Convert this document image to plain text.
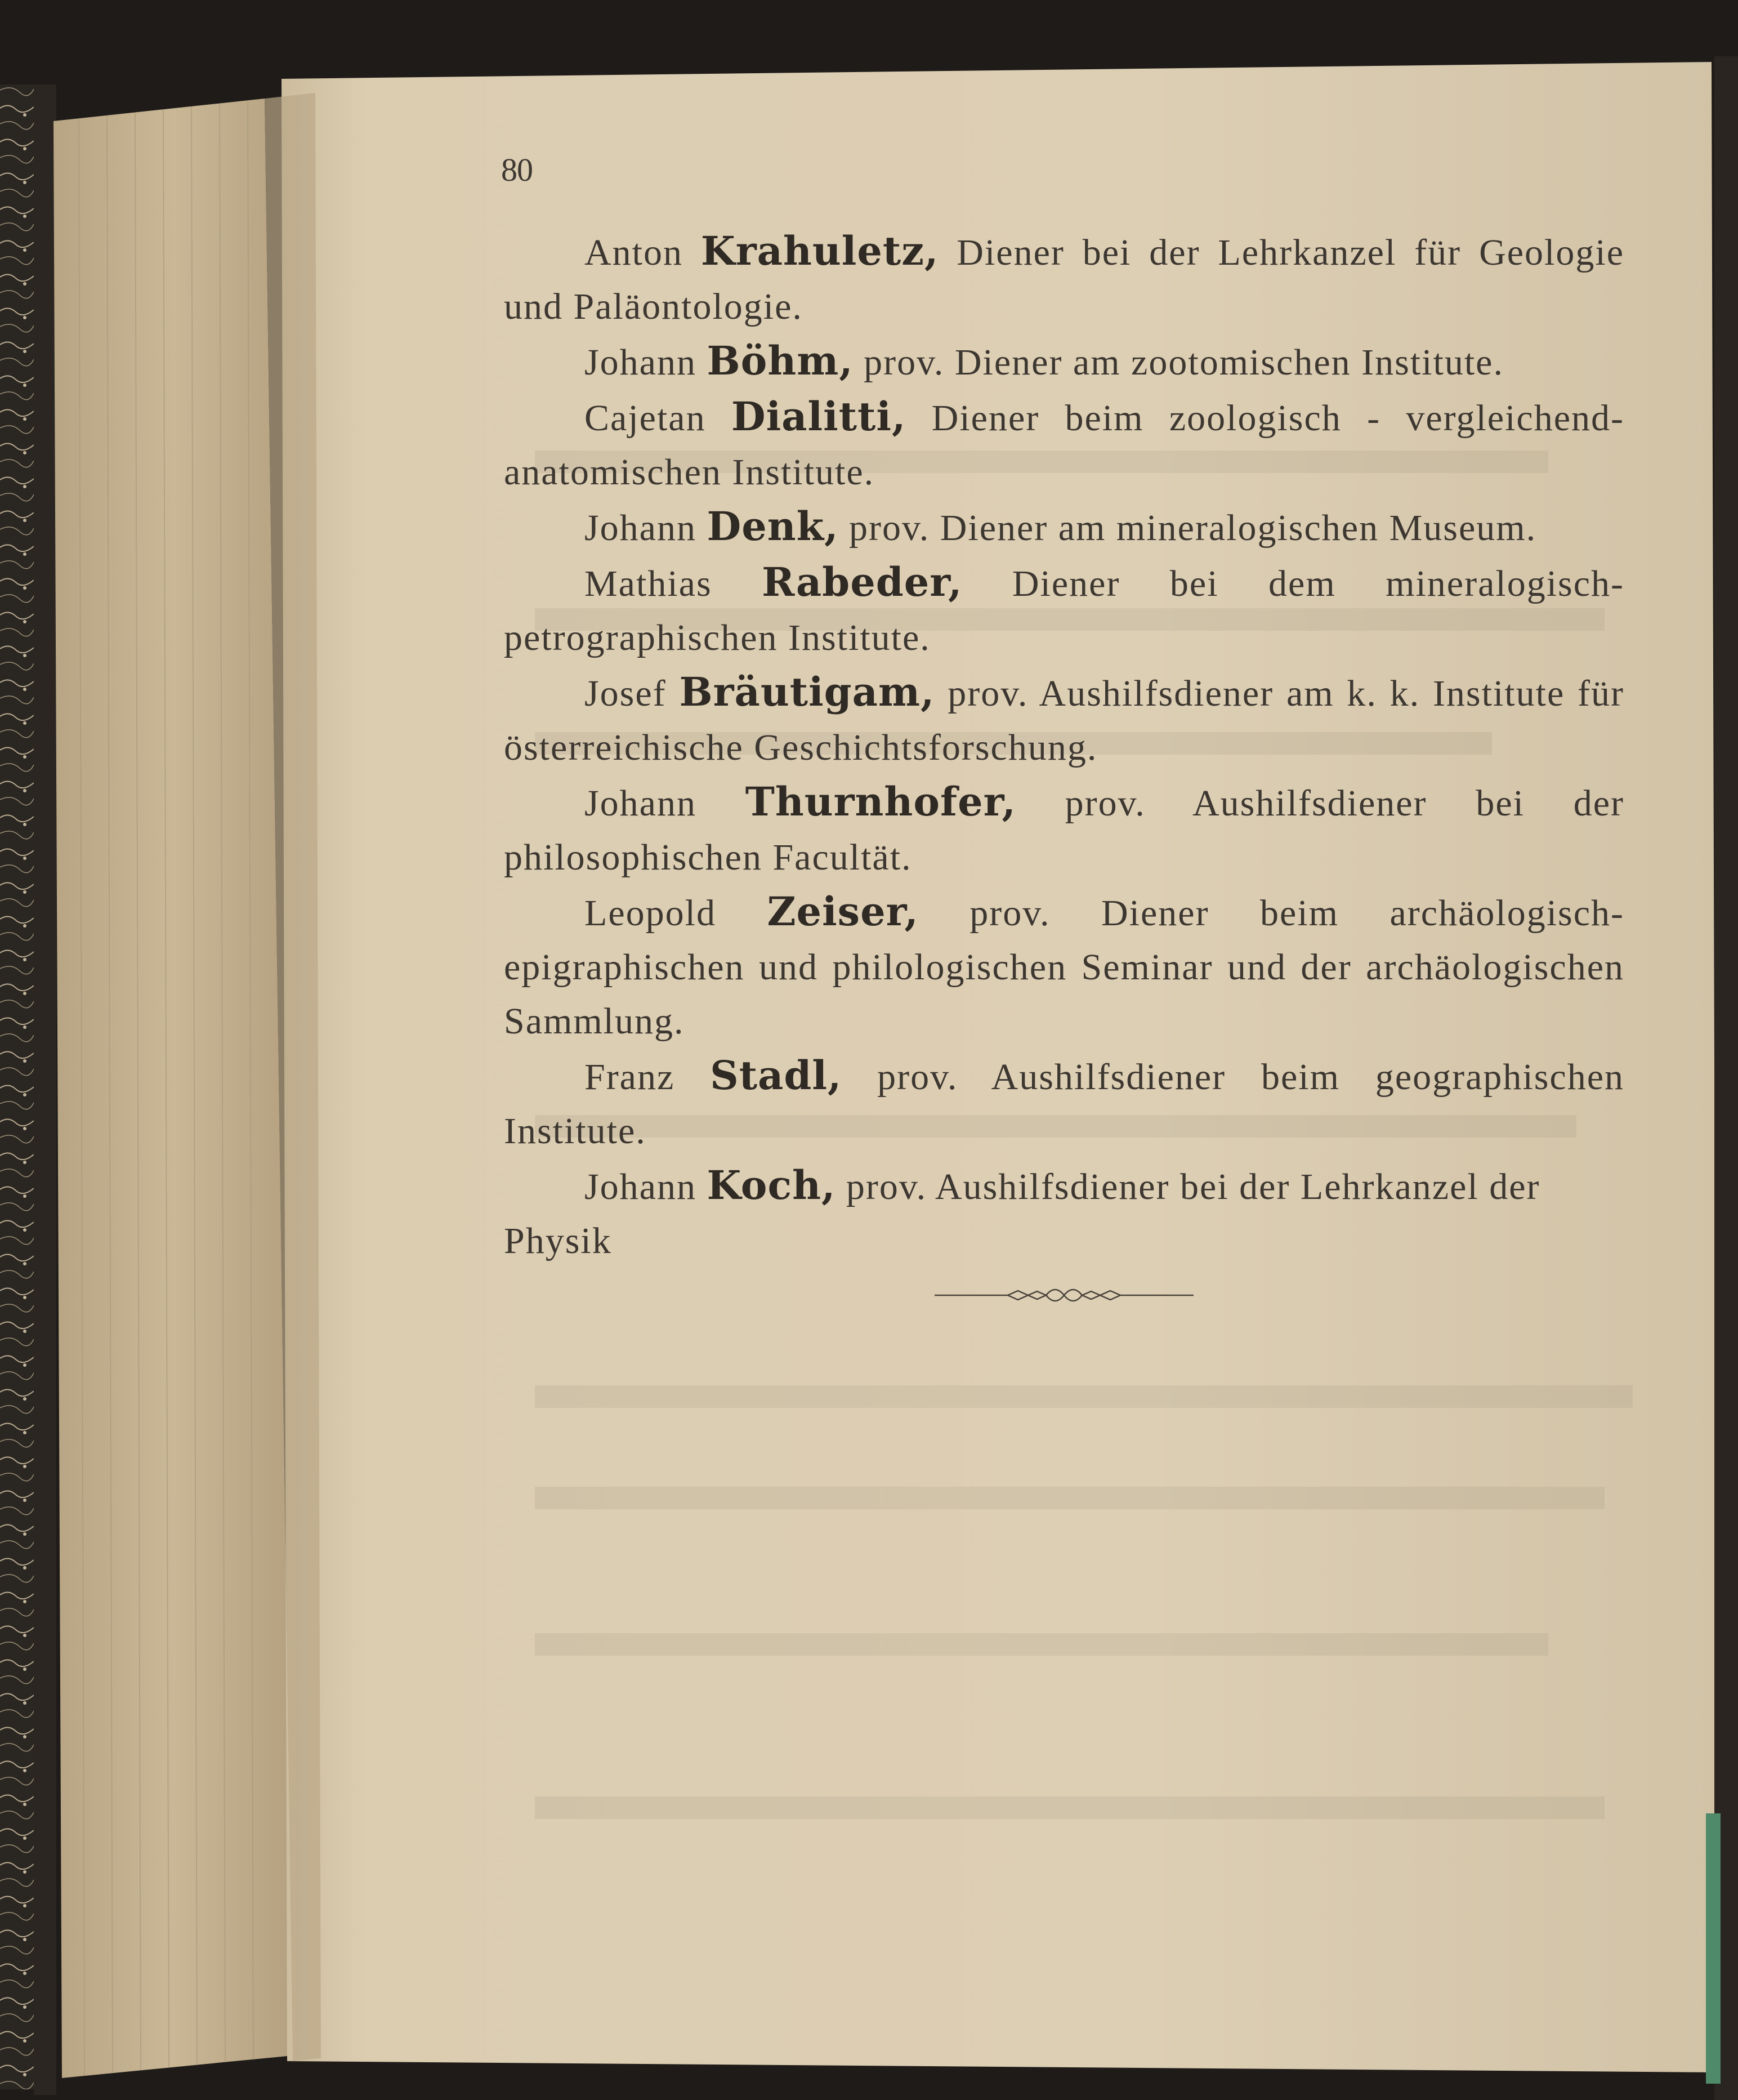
80

Anton Krahuletz, Diener bei der Lehrkanzel für Geologie und Paläontologie.

Johann Böhm, prov. Diener am zootomischen Institute.

Cajetan Dialitti, Diener beim zoologisch - vergleichend-anatomischen Institute.

Johann Denk, prov. Diener am mineralogischen Museum.

Mathias Rabeder, Diener bei dem mineralogisch-petrographischen Institute.

Josef Bräutigam, prov. Aushilfsdiener am k. k. Institute für österreichische Geschichtsforschung.

Johann Thurnhofer, prov. Aushilfsdiener bei der philosophischen Facultät.

Leopold Zeiser, prov. Diener beim archäologisch-epigraphischen und philologischen Seminar und der archäologischen Sammlung.

Franz Stadl, prov. Aushilfsdiener beim geographischen Institute.

Johann Koch, prov. Aushilfsdiener bei der Lehrkanzel der Physik
